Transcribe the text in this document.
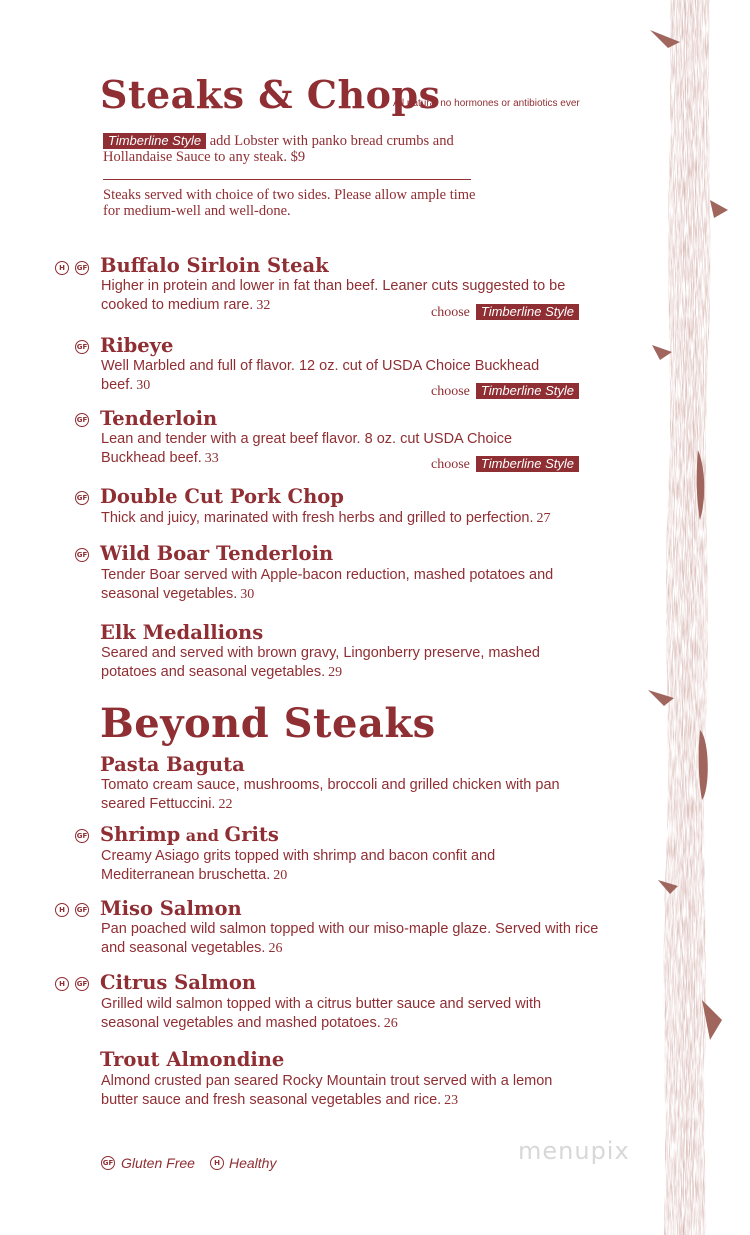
Steaks & Chops
All natural no hormones or antibiotics ever
Timberline Style add Lobster with panko bread crumbs and
Hollandaise Sauce to any steak. $9
Steaks served with choice of two sides. Please allow ample time
for medium-well and well-done.
H	GF Buffalo Sirloin Steak
Higher in protein and lower in fat than beef. Leaner cuts suggested to be cooked to medium rare. 32	choose Timberline Style
GF Ribeye
Well Marbled and full of flavor. 12 oz. cut of USDA Choice Buckhead beef. 30	choose Timberline Style
GF Tenderloin
Lean and tender with a great beef flavor. 8 oz. cut USDA Choice Buckhead beef. 33	choose Timberline Style
GF Double Cut Pork Chop
Thick and juicy, marinated with fresh herbs and grilled to perfection. 27
GF Wild Boar Tenderloin
Tender Boar served with Apple-bacon reduction, mashed potatoes and seasonal vegetables. 30
Elk Medallions
Seared and served with brown gravy, Lingonberry preserve, mashed potatoes and seasonal vegetables. 29
Beyond Steaks
Pasta Baguta
Tomato cream sauce, mushrooms, broccoli and grilled chicken with pan seared Fettuccini. 22
GF Shrimp and Grits
Creamy Asiago grits topped with shrimp and bacon confit and Mediterranean bruschetta. 20
H	GF Miso Salmon
Pan poached wild salmon topped with our miso-maple glaze. Served with rice and seasonal vegetables. 26
H	GF Citrus Salmon
Grilled wild salmon topped with a citrus butter sauce and served with seasonal vegetables and mashed potatoes. 26
Trout Almondine
Almond crusted pan seared Rocky Mountain trout served with a lemon butter sauce and fresh seasonal vegetables and rice. 23
GF Gluten Free	H Healthy	menupix
